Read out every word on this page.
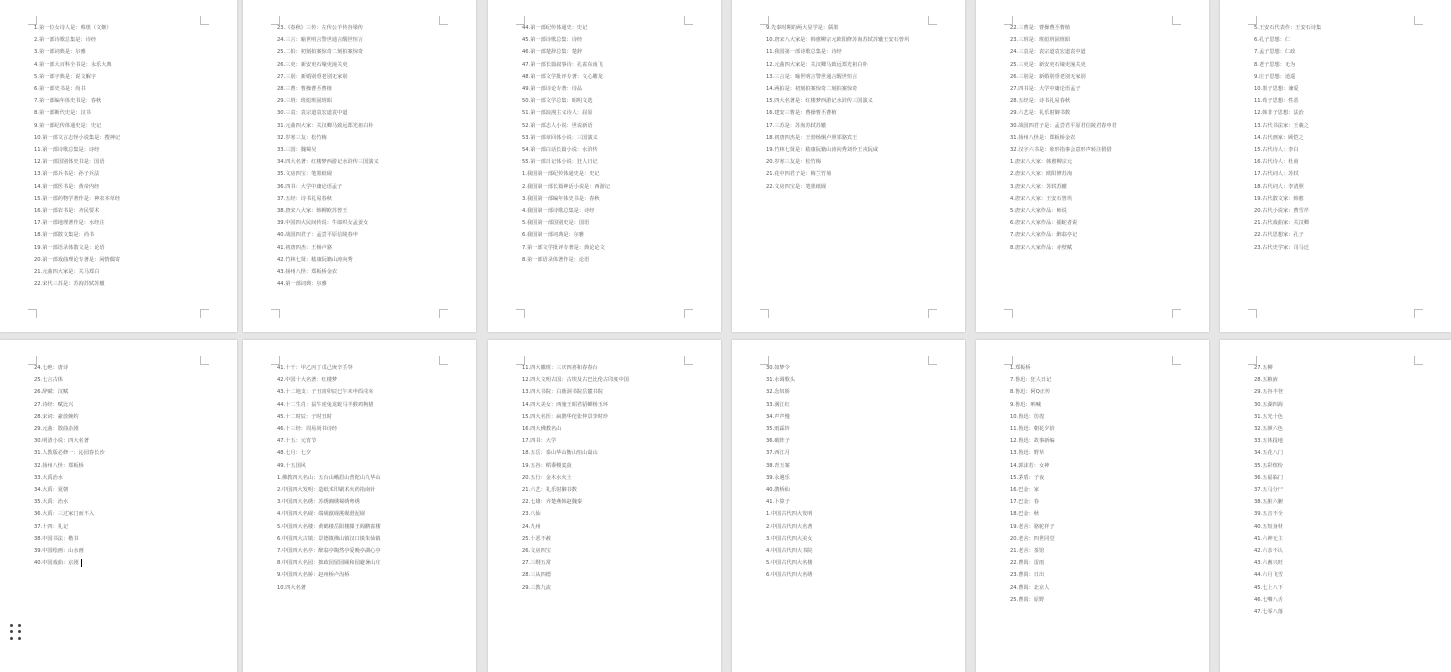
1.第一位女诗人是：蔡琰（文姬）
2.第一部诗歌总集是：诗经
3.第一部词典是：尔雅
4.第一部大百科全书是：永乐大典
5.第一部字典是：说文解字
6.第一部史书是：尚书
7.第一部编年体史书是：春秋
8.第一部断代史是：汉书
9.第一部纪传体通史是：史记
10.第一部文言志怪小说集是：搜神记
11.第一部诗歌总集是：诗经
12.第一部国别体史书是：国语
13.第一部兵书是：孙子兵法
14.第一部医书是：黄帝内经
15.第一部药物学著作是：神农本草经
16.第一部农书是：齐民要术
17.第一部地理著作是：水经注
18.第一部散文集是：尚书
19.第一部语录体散文是：论语
20.第一部戏曲理论专著是：闲情偶寄
21.元曲四大家是：关马郑白
22.宋代三苏是：苏洵苏轼苏辙
23.《春秋》三传：左传公羊传谷梁传
24.三言：喻世明言警世通言醒世恒言
25.二拍：初刻拍案惊奇二刻拍案惊奇
26.三吏：新安吏石壕吏潼关吏
27.三别：新婚别垂老别无家别
28.三曹：曹操曹丕曹植
29.三班：班彪班固班昭
30.三袁：袁宗道袁宏道袁中道
31.元曲四大家：关汉卿马致远郑光祖白朴
32.岁寒三友：松竹梅
33.三国：魏蜀吴
34.四大名著：红楼梦西游记水浒传三国演义
35.文房四宝：笔墨纸砚
36.四书：大学中庸论语孟子
37.五经：诗书礼易春秋
38.唐宋八大家：韩柳欧苏曾王
39.中国四大民间传说：牛郎织女孟姜女
40.战国四君子：孟尝平原信陵春申
41.初唐四杰：王杨卢骆
42.竹林七贤：嵇康阮籍山涛向秀
43.扬州八怪：郑板桥金农
44.第一部词典：尔雅
44.第一部纪传体通史：史记
45.第一部诗歌总集：诗经
46.第一部楚辞总集：楚辞
47.第一部长篇叙事诗：孔雀东南飞
48.第一部文学批评专著：文心雕龙
49.第一部诗论专著：诗品
50.第一部文学总集：昭明文选
51.第一部浪漫主义诗人：屈原
52.第一部志人小说：世说新语
53.第一部章回体小说：三国演义
54.第一部白话长篇小说：水浒传
55.第一部日记体小说：狂人日记
1.我国第一部纪传体通史是：史记
2.我国第一部长篇神话小说是：西游记
3.我国第一部编年体史书是：春秋
4.我国第一部诗歌总集是：诗经
5.我国第一部国别史是：国语
6.我国第一部词典是：尔雅
7.第一部文学批评专著是：典论论文
8.第一部语录体著作是：论语
9.先秦时期的两大显学是：儒墨
10.唐宋八大家是：韩愈柳宗元欧阳修苏洵苏轼苏辙王安石曾巩
11.我国第一部诗歌总集是：诗经
12.元曲四大家是：关汉卿马致远郑光祖白朴
13.三言是：喻世明言警世通言醒世恒言
14.两拍是：初刻拍案惊奇二刻拍案惊奇
15.四大名著是：红楼梦西游记水浒传三国演义
16.建安三曹是：曹操曹丕曹植
17.三苏是：苏洵苏轼苏辙
18.初唐四杰是：王勃杨炯卢照邻骆宾王
19.竹林七贤是：嵇康阮籍山涛向秀刘伶王戎阮咸
20.岁寒三友是：松竹梅
21.花中四君子是：梅兰竹菊
22.文房四宝是：笔墨纸砚
22.三曹是：曹操曹丕曹植
23.三班是：班彪班固班昭
24.三袁是：袁宗道袁宏道袁中道
25.三吏是：新安吏石壕吏潼关吏
26.三别是：新婚别垂老别无家别
27.四书是：大学中庸论语孟子
28.五经是：诗书礼易春秋
29.六艺是：礼乐射御书数
30.战国四君子是：孟尝君平原君信陵君春申君
31.扬州八怪是：郑板桥金农
32.汉字六书是：象形指事会意形声转注假借
1.唐宋八大家：韩愈柳宗元
2.唐宋八大家：欧阳修苏洵
3.唐宋八大家：苏轼苏辙
4.唐宋八大家：王安石曾巩
5.唐宋八大家作品：师说
6.唐宋八大家作品：捕蛇者说
7.唐宋八大家作品：醉翁亭记
8.唐宋八大家作品：赤壁赋
5.王安石代表作：王安石诗集
6.孔子思想：仁
7.孟子思想：仁政
8.老子思想：无为
9.庄子思想：逍遥
10.墨子思想：兼爱
11.荀子思想：性恶
12.韩非子思想：法治
13.古代书法家：王羲之
14.古代画家：顾恺之
15.古代诗人：李白
16.古代诗人：杜甫
17.古代词人：苏轼
18.古代词人：李清照
19.古代散文家：韩愈
20.古代小说家：曹雪芹
21.古代戏曲家：关汉卿
22.古代思想家：孔子
23.古代史学家：司马迁
24.七绝：唐诗
25.七言古体
26.辞赋：汉赋
27.诗经：赋比兴
28.宋词：豪放婉约
29.元曲：散曲杂剧
30.明清小说：四大名著
31.人教版必修一：沁园春长沙
32.扬州八怪：郑板桥
33.大禹治水
34.大禹：夏朝
35.大禹：治水
36.大禹：三过家门而不入
37.十四：礼记
38.中国书法：楷书
39.中国绘画：山水画
40.中国戏曲：京剧
41.十干：甲乙丙丁戊己庚辛壬癸
42.中国十大名著：红楼梦
43.十二地支：子丑寅卯辰巳午未申酉戌亥
44.十二生肖：鼠牛虎兔龙蛇马羊猴鸡狗猪
45.十二时辰：子时丑时
46.十三经：周易尚书诗经
47.十五：元宵节
48.七月：七夕
49.十五国风
1.佛教四大名山：五台山峨眉山普陀山九华山
2.中国四大发明：造纸术印刷术火药指南针
3.中国四大名绣：苏绣湘绣蜀绣粤绣
4.中国四大名砚：端砚歙砚洮砚澄泥砚
5.中国四大名楼：黄鹤楼岳阳楼滕王阁鹳雀楼
6.中国四大古镇：景德镇佛山镇汉口镇朱仙镇
7.中国四大名亭：醉翁亭陶然亭爱晚亭湖心亭
8.中国四大名园：拙政园留园颐和园避暑山庄
9.中国四大名桥：赵州桥卢沟桥
10.四大名著
11.四大徽班：三庆四喜和春春台
12.四大文明古国：古埃及古巴比伦古印度中国
13.四大书院：白鹿洞书院岳麓书院
14.四大美女：西施王昭君貂蝉杨玉环
15.四大名医：扁鹊华佗张仲景李时珍
16.四大佛教名山
17.四书：大学
18.五岳：泰山华山衡山恒山嵩山
19.五谷：稻黍稷麦菽
20.五行：金木水火土
21.六艺：礼乐射御书数
22.七雄：齐楚燕韩赵魏秦
23.八仙
24.九州
25.十恶不赦
26.文房四宝
27.三纲五常
28.三从四德
29.三教九流
30.如梦令
31.水调歌头
32.念奴娇
33.满江红
34.声声慢
35.雨霖铃
36.破阵子
37.西江月
38.青玉案
39.永遇乐
40.鹊桥仙
41.卜算子
1.中国古代四大发明
2.中国古代四大名著
3.中国古代四大美女
4.中国古代四大书院
5.中国古代四大名楼
6.中国古代四大名绣
1.郑板桥
7.鲁迅：狂人日记
8.鲁迅：阿Q正传
9.鲁迅：呐喊
10.鲁迅：彷徨
11.鲁迅：朝花夕拾
12.鲁迅：故事新编
13.鲁迅：野草
14.郭沫若：女神
15.茅盾：子夜
16.巴金：家
17.巴金：春
18.巴金：秋
19.老舍：骆驼祥子
20.老舍：四世同堂
21.老舍：茶馆
22.曹禺：雷雨
23.曹禺：日出
24.曹禺：北京人
25.曹禺：原野
27.五柳
28.五粮液
29.五谷丰登
30.五湖四海
31.五光十色
32.五颜六色
33.五体投地
34.五花八门
35.五彩缤纷
36.五福临门
37.五马分尸
38.五脏六腑
39.五音不全
40.五短身材
41.六神无主
42.六亲不认
43.六畜兴旺
44.六月飞雪
45.七上八下
46.七嘴八舌
47.七零八落
